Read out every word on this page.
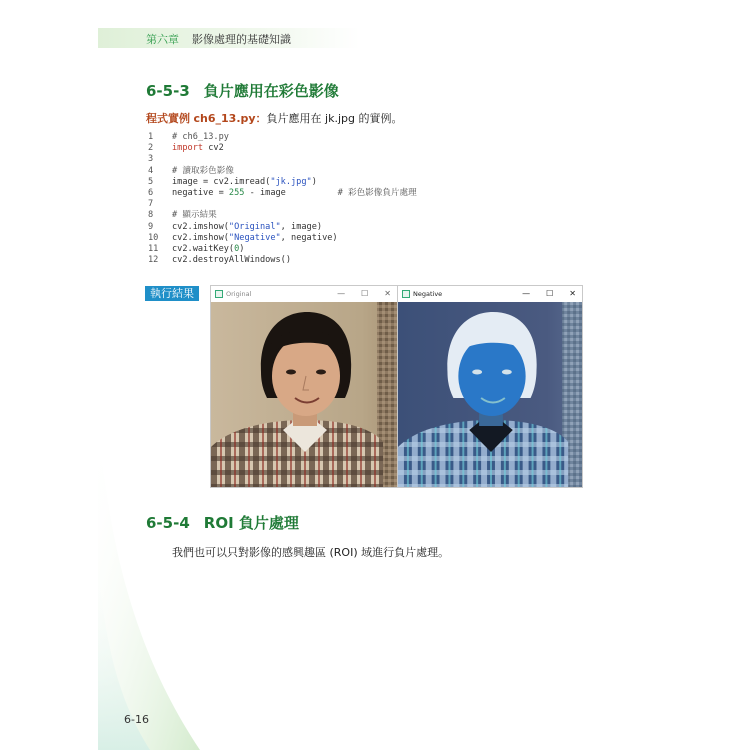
第六章 影像處理的基礎知識
6-5-3 負片應用在彩色影像
程式實例 ch6_13.py：負片應用在 jk.jpg 的實例。
1 # ch6_13.py
2 import cv2
3
4 # 讀取彩色影像
5 image = cv2.imread("jk.jpg")
6 negative = 255 - image          # 彩色影像負片處理
7
8 # 顯示結果
9 cv2.imshow("Original", image)
10 cv2.imshow("Negative", negative)
11 cv2.waitKey(0)
12 cv2.destroyAllWindows()
執行結果	Original	— ☐ ✕	Negative	— ☐ ✕
6-5-4 ROI 負片處理
我們也可以只對影像的感興趣區 (ROI) 域進行負片處理。
6-16
